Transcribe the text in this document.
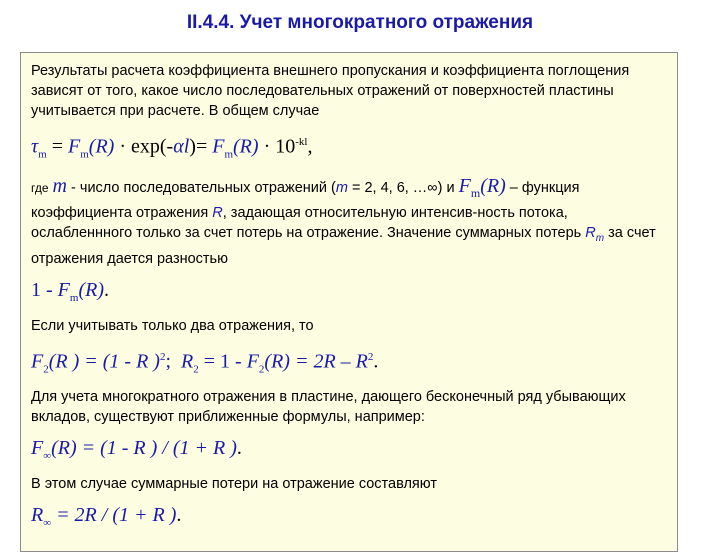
II.4.4. Учет многократного отражения

Результаты расчета коэффициента внешнего пропускания и коэффициента поглощения зависят от того, какое число последовательных отражений от поверхностей пластины учитывается при расчете. В общем случае

$\tau_m = F_m(R) \cdot \exp(-\alpha l)= F_m(R) \cdot 10^{-kl}$,

где m - число последовательных отражений (m = 2, 4, 6, …∞) и $F_m(R)$ – функция коэффициента отражения R, задающая относительную интенсив-ность потока, ослабленнного только за счет потерь на отражение. Значение суммарных потерь $R_m$ за счет отражения дается разностью

$1 - F_m(R)$.

Если учитывать только два отражения, то

$F_2(R$ ) = (1 - R )$^2$; $R_2 = 1 - F_2(R) = 2R - R^2$.

Для учета многократного отражения в пластине, дающего бесконечный ряд убывающих вкладов, существуют приближенные формулы, например:

$F_\infty(R) = (1 - R$ ) / (1 + R ).

В этом случае суммарные потери на отражение составляют

$R_\infty = 2R / (1 + R$ ).
